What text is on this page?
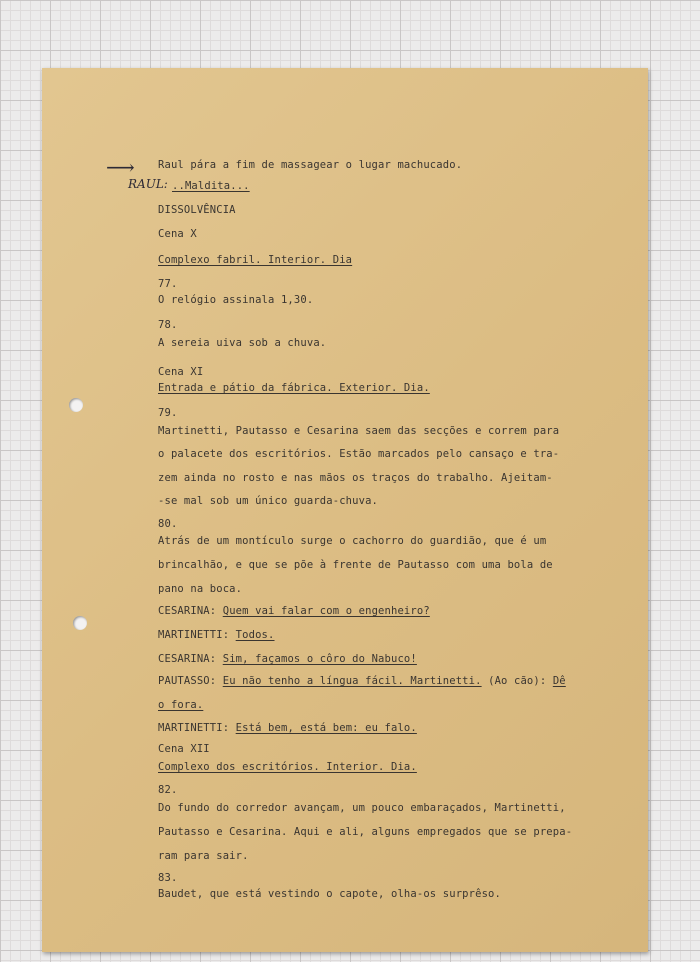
⟶
RAUL:
Raul pára a fim de massagear o lugar machucado.
..Maldita...
DISSOLVÊNCIA
Cena X
Complexo fabril. Interior. Dia
77.
O relógio assinala 1,30.
78.
A sereia uiva sob a chuva.
Cena XI
Entrada e pátio da fábrica. Exterior. Dia.
79.
Martinetti, Pautasso e Cesarina saem das secções e correm para
o palacete dos escritórios. Estão marcados pelo cansaço e tra-
zem ainda no rosto e nas mãos os traços do trabalho. Ajeitam-
-se mal sob um único guarda-chuva.
80.
Atrás de um montículo surge o cachorro do guardião, que é um
brincalhão, e que se põe à frente de Pautasso com uma bola de
pano na boca.
CESARINA: Quem vai falar com o engenheiro?
MARTINETTI: Todos.
CESARINA: Sim, façamos o côro do Nabuco!
PAUTASSO: Eu não tenho a língua fácil. Martinetti. (Ao cão): Dê
o fora.
MARTINETTI: Está bem, está bem: eu falo.
Cena XII
Complexo dos escritórios. Interior. Dia.
82.
Do fundo do corredor avançam, um pouco embaraçados, Martinetti,
Pautasso e Cesarina. Aqui e ali, alguns empregados que se prepa-
ram para sair.
83.
Baudet, que está vestindo o capote, olha-os surprêso.
